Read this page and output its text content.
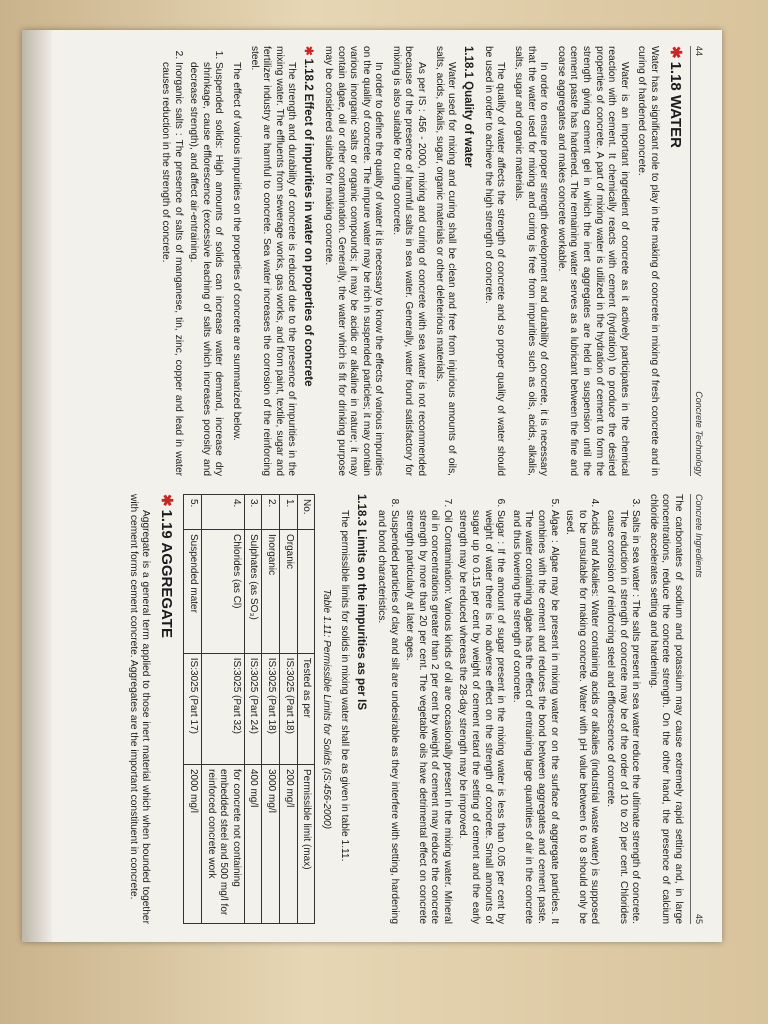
44
Concrete Technology
✱1.18 WATER

Water has a significant role to play in the making of concrete in mixing of fresh concrete and in curing of hardened concrete.

Water is an important ingredient of concrete as it actively participates in the chemical reaction with cement. It chemically reacts with cement (hydration) to produce the desired properties of concrete. A part of mixing water is utilized in the hydration of cement to form the strength giving cement gel in which the inert aggregates are held in suspension until the cement paste has hardened. The remaining water serves as a lubricant between the fine and coarse aggregates and makes concrete workable.

In order to ensure proper strength development and durability of concrete, it is necessary that the water used for mixing and curing is free from impurities such as oils, acids, alkalis, salts, sugar and organic materials.

The quality of water affects the strength of concrete and so proper quality of water should be used in order to achieve the high strength of concrete.

1.18.1 Quality of water

Water used for mixing and curing shall be clean and free from injurious amounts of oils, salts, acids, alkalis, sugar, organic materials or other deleterious materials.

As per IS : 456 - 2000, mixing and curing of concrete with sea water is not recommended because of the presence of harmful salts in sea water. Generally, water found satisfactory for mixing is also suitable for curing concrete.

In order to define the quality of water it is necessary to know the effects of various impurities on the quality of concrete. The impure water may be rich in suspended particles; it may contain various inorganic salts or organic compounds; it may be acidic or alkaline in nature; it may contain algae, oil or other contamination. Generally, the water which is fit for drinking purpose may be considered suitable for making concrete.

✱1.18.2 Effect of impurities in water on properties of concrete

The strength and durability of concrete is reduced due to the presence of impurities in the mixing water. The effluents from sewerage works, gas works, and from paint, textile, sugar and fertilizer industry are harmful to concrete. Sea water increases the corrosion of the reinforcing steel.

The effect of various impurities on the properties of concrete are summarized below.

1. Suspended solids: High amounts of solids can increase water demand, increase dry shrinkage, cause efflorescence (excessive leaching of salts which increases porosity and decrease strength), and affect air-entraining.
2. Inorganic salts : The presence of salts of manganese, tin, zinc, copper and lead in water causes reduction in the strength of concrete.
Concrete Ingredients
45

The carbonates of sodium and potassium may cause extremely rapid setting and, in large concentrations, reduce the concrete strength. On the other hand, the presence of calcium chloride accelerates setting and hardening.

3. Salts in sea water : The salts present in sea water reduce the ultimate strength of concrete. The reduction in strength of concrete may be of the order of 10 to 20 per cent. Chlorides cause corrosion of reinforcing steel and efflorescence of concrete.
4. Acids and Alkalies: Water containing acids or alkalies (industrial waste water) is supposed to be unsuitable for making concrete. Water with pH value between 6 to 8 should only be used.
5. Algae : Algae may be present in mixing water or on the surface of aggregate particles. It combines with the cement and reduces the bond between aggregates and cement paste. The water containing algae has the effect of entraining large quantities of air in the concrete and thus lowering the strength of concrete.
6. Sugar : If the amount of sugar present in the mixing water is less than 0.05 per cent by weight of water there is no adverse effect on the strength of concrete. Small amounts of sugar up to 0.15 per cent by weight of cement retard the setting of cement and the early strength may be reduced whereas the 28-day strength may be improved.
7. Oil Contamination: Various kinds of oil are occasionally present in the mixing water. Mineral oil in concentrations greater than 2 per cent by weight of cement may reduce the concrete strength by more than 20 per cent. The vegetable oils have detrimental effect on concrete strength particularly at later ages.
8. Suspended particles of clay and silt are undesirable as they interfere with setting, hardening and bond characteristics.
1.18.3 Limits on the impurities as per IS

The permissible limits for solids in mixing water shall be as given in table 1.11.

Table 1.11: Permissible Limits for Solids (IS:456-2000)
No.		Tested as per	Permissible limit (max)
1.	Organic	IS:3025 (Part 18)	200 mg/l
2.	Inorganic	IS:3025 (Part 18)	3000 mg/l
3.	Sulphates (as SO₃)	IS:3025 (Part 24)	400 mg/l
4.	Chlorides (as Cl)	IS:3025 (Part 32)	for concrete not containing embedded steel and 500 mg/l for reinforced concrete work
5.	Suspended mater	IS:3025 (Part 17)	2000 mg/l
✱1.19 AGGREGATE

Aggregate is a general term applied to those inert material which when bounded together with cement forms cement concrete. Aggregates are the important constituent in concrete.
